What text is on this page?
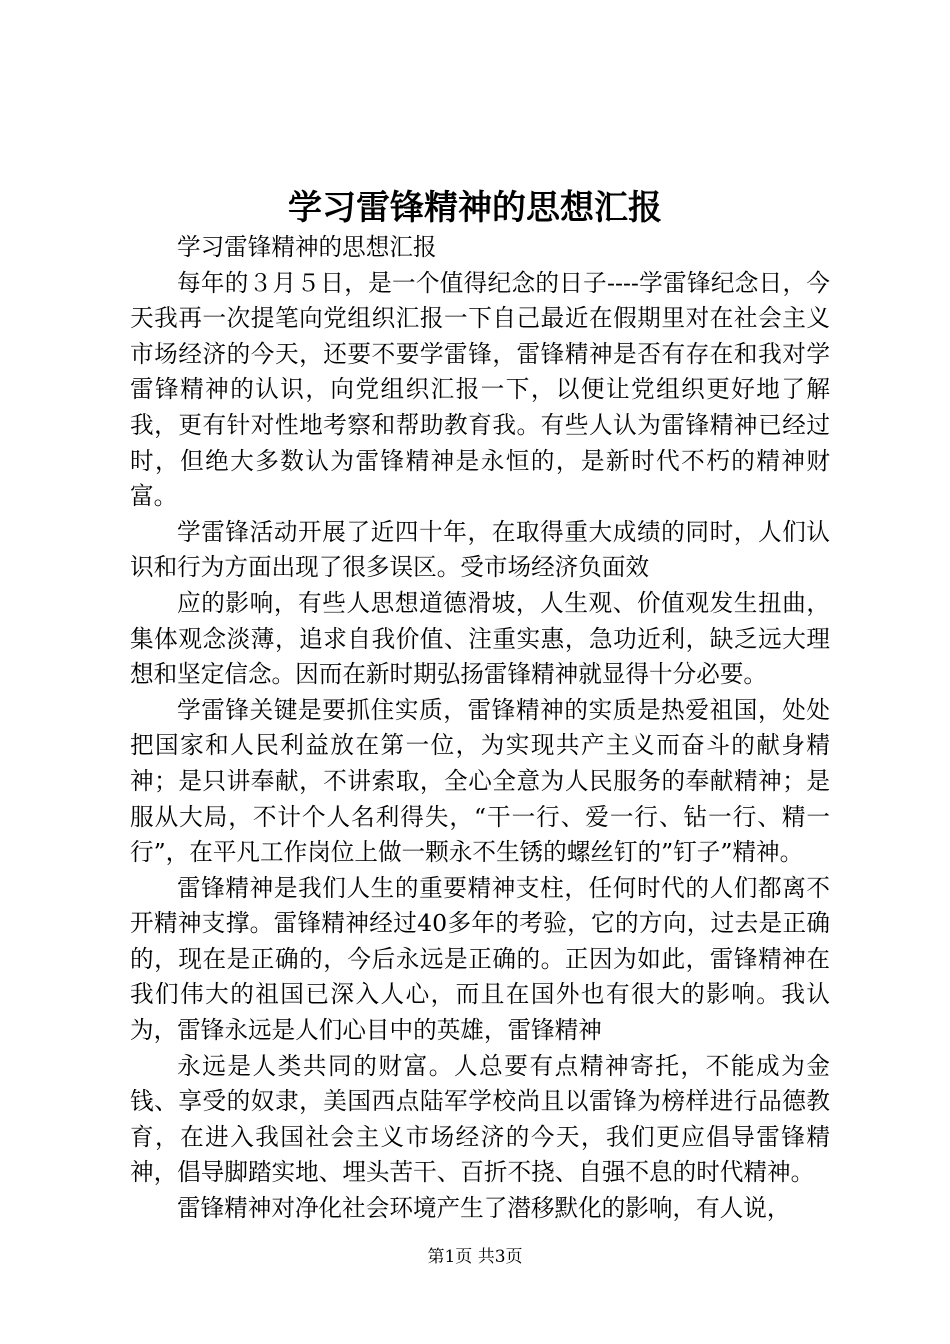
学习雷锋精神的思想汇报

学习雷锋精神的思想汇报

每年的３月５日，是一个值得纪念的日子----学雷锋纪念日，今天我再一次提笔向党组织汇报一下自己最近在假期里对在社会主义市场经济的今天，还要不要学雷锋，雷锋精神是否有存在和我对学雷锋精神的认识，向党组织汇报一下，以便让党组织更好地了解我，更有针对性地考察和帮助教育我。有些人认为雷锋精神已经过时，但绝大多数认为雷锋精神是永恒的，是新时代不朽的精神财富。

学雷锋活动开展了近四十年，在取得重大成绩的同时，人们认识和行为方面出现了很多误区。受市场经济负面效

应的影响，有些人思想道德滑坡，人生观、价值观发生扭曲，集体观念淡薄，追求自我价值、注重实惠，急功近利，缺乏远大理想和坚定信念。因而在新时期弘扬雷锋精神就显得十分必要。

学雷锋关键是要抓住实质，雷锋精神的实质是热爱祖国，处处把国家和人民利益放在第一位，为实现共产主义而奋斗的献身精神；是只讲奉献，不讲索取，全心全意为人民服务的奉献精神；是服从大局，不计个人名利得失，“干一行、爱一行、钻一行、精一行”，在平凡工作岗位上做一颗永不生锈的螺丝钉的”钉子”精神。

雷锋精神是我们人生的重要精神支柱，任何时代的人们都离不开精神支撑。雷锋精神经过40多年的考验，它的方向，过去是正确的，现在是正确的，今后永远是正确的。正因为如此，雷锋精神在我们伟大的祖国已深入人心，而且在国外也有很大的影响。我认为，雷锋永远是人们心目中的英雄，雷锋精神

永远是人类共同的财富。人总要有点精神寄托，不能成为金钱、享受的奴隶，美国西点陆军学校尚且以雷锋为榜样进行品德教育，在进入我国社会主义市场经济的今天，我们更应倡导雷锋精神，倡导脚踏实地、埋头苦干、百折不挠、自强不息的时代精神。

雷锋精神对净化社会环境产生了潜移默化的影响，有人说，

第1页 共3页
